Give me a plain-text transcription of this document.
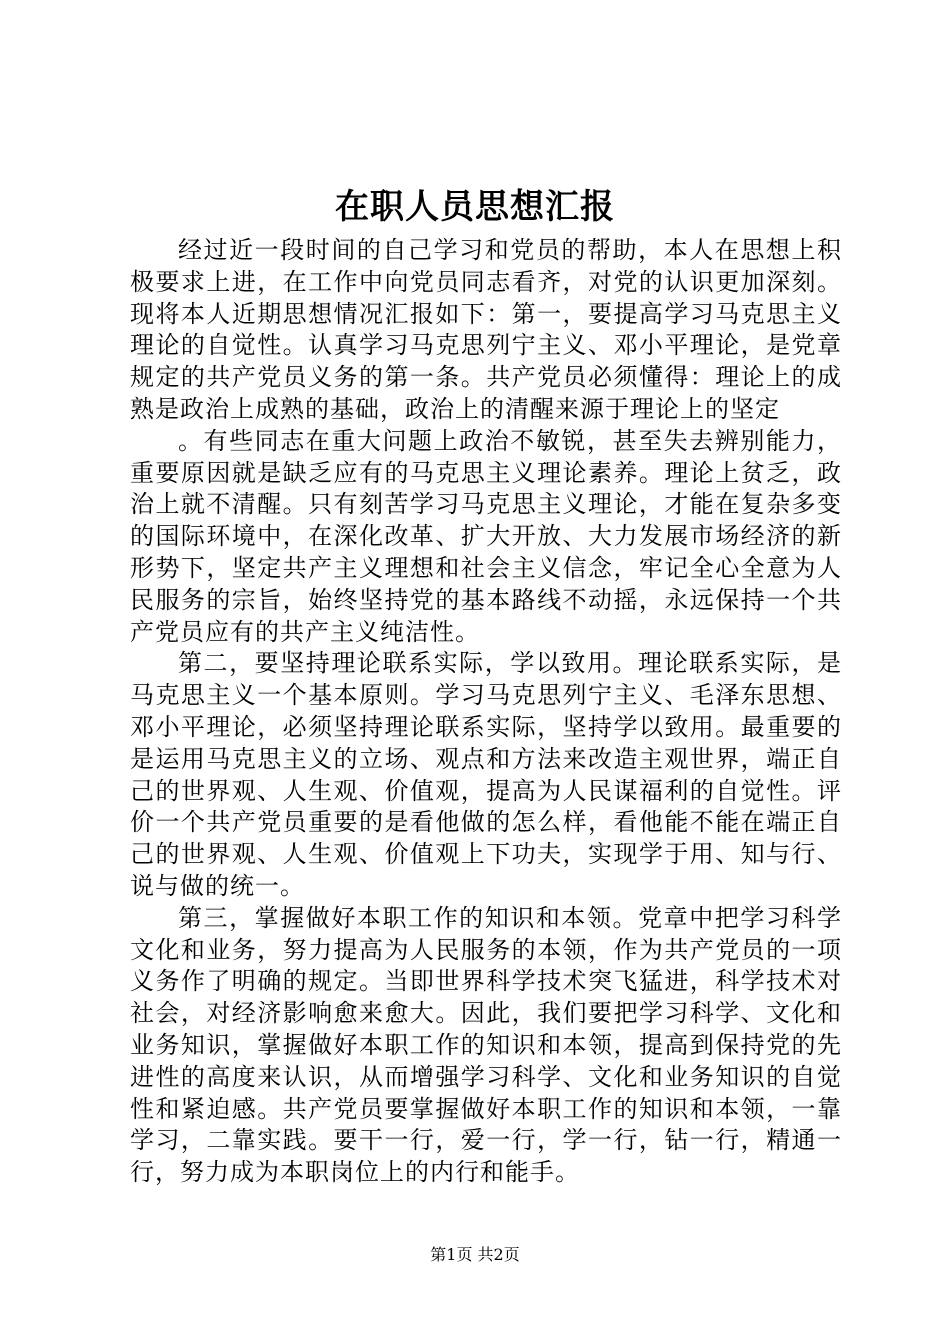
在职人员思想汇报

经过近一段时间的自己学习和党员的帮助，本人在思想上积极要求上进，在工作中向党员同志看齐，对党的认识更加深刻。现将本人近期思想情况汇报如下：第一，要提高学习马克思主义理论的自觉性。认真学习马克思列宁主义、邓小平理论，是党章规定的共产党员义务的第一条。共产党员必须懂得：理论上的成熟是政治上成熟的基础，政治上的清醒来源于理论上的坚定

。有些同志在重大问题上政治不敏锐，甚至失去辨别能力，重要原因就是缺乏应有的马克思主义理论素养。理论上贫乏，政治上就不清醒。只有刻苦学习马克思主义理论，才能在复杂多变的国际环境中，在深化改革、扩大开放、大力发展市场经济的新形势下，坚定共产主义理想和社会主义信念，牢记全心全意为人民服务的宗旨，始终坚持党的基本路线不动摇，永远保持一个共产党员应有的共产主义纯洁性。

第二，要坚持理论联系实际，学以致用。理论联系实际，是马克思主义一个基本原则。学习马克思列宁主义、毛泽东思想、邓小平理论，必须坚持理论联系实际，坚持学以致用。最重要的是运用马克思主义的立场、观点和方法来改造主观世界，端正自己的世界观、人生观、价值观，提高为人民谋福利的自觉性。评价一个共产党员重要的是看他做的怎么样，看他能不能在端正自己的世界观、人生观、价值观上下功夫，实现学于用、知与行、说与做的统一。

第三，掌握做好本职工作的知识和本领。党章中把学习科学文化和业务，努力提高为人民服务的本领，作为共产党员的一项义务作了明确的规定。当即世界科学技术突飞猛进，科学技术对社会，对经济影响愈来愈大。因此，我们要把学习科学、文化和业务知识，掌握做好本职工作的知识和本领，提高到保持党的先进性的高度来认识，从而增强学习科学、文化和业务知识的自觉性和紧迫感。共产党员要掌握做好本职工作的知识和本领，一靠学习，二靠实践。要干一行，爱一行，学一行，钻一行，精通一行，努力成为本职岗位上的内行和能手。

第1页 共2页
